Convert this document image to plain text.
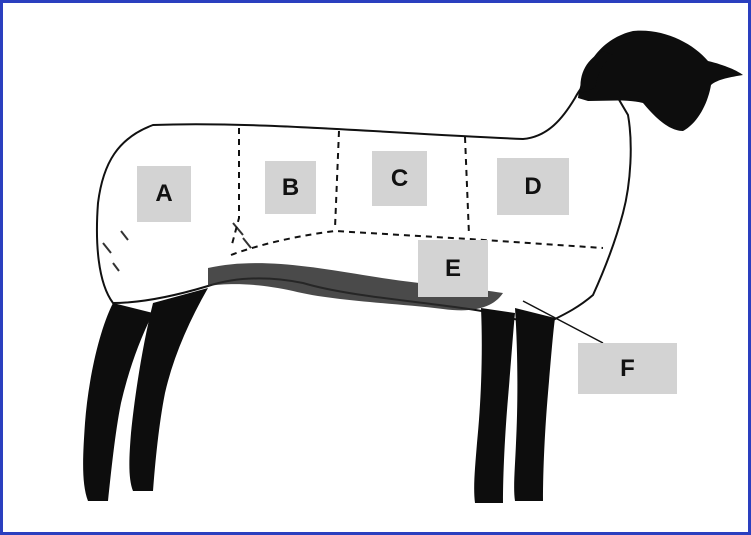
A	B	C	D
E
F
